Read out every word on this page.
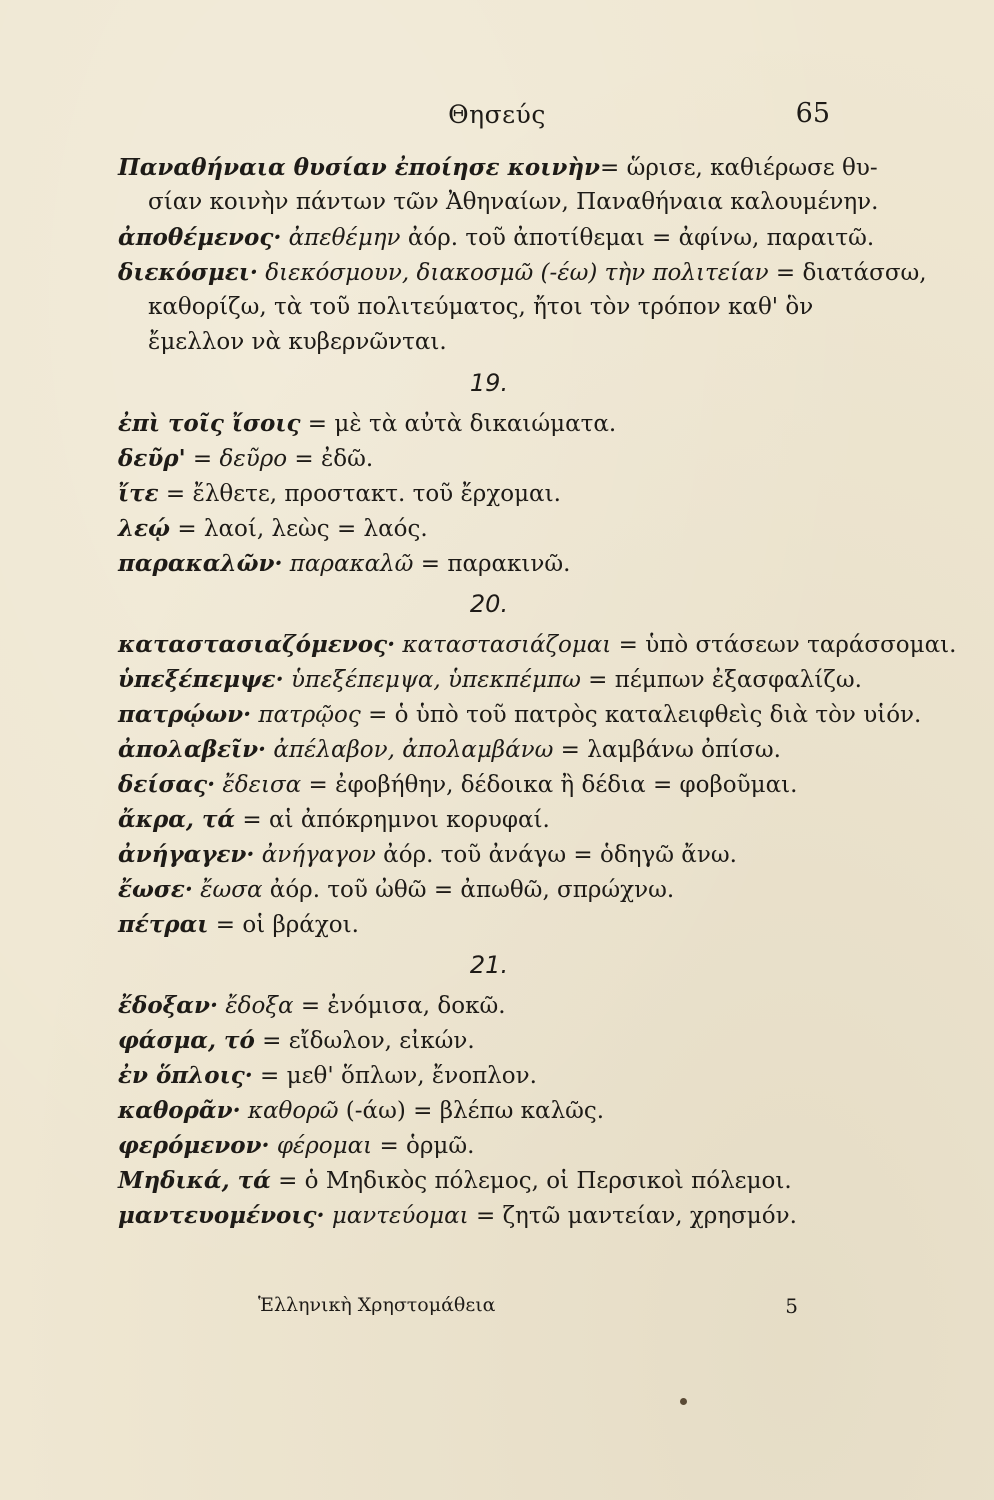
Θησεύς	65
Παναθήναια θυσίαν ἐποίησε κοινὴν= ὥρισε, καθιέρωσε θυ-
σίαν κοινὴν πάντων τῶν Ἀθηναίων, Παναθήναια καλουμένην.
ἀποθέμενος· ἀπεθέμην ἀόρ. τοῦ ἀποτίθεμαι = ἀφίνω, παραιτῶ.
διεκόσμει· διεκόσμουν, διακοσμῶ (-έω) τὴν πολιτείαν = διατάσσω,
καθορίζω, τὰ τοῦ πολιτεύματος, ἤτοι τὸν τρόπον καθ' ὃν
ἔμελλον νὰ κυβερνῶνται.
19.
ἐπὶ τοῖς ἴσοις = μὲ τὰ αὐτὰ δικαιώματα.
δεῦρ' = δεῦρο = ἐδῶ.
ἴτε = ἔλθετε, προστακτ. τοῦ ἔρχομαι.
λεῴ = λαοί, λεὼς = λαός.
παρακαλῶν· παρακαλῶ = παρακινῶ.
20.
καταστασιαζόμενος· καταστασιάζομαι = ὑπὸ στάσεων ταράσσομαι.
ὑπεξέπεμψε· ὑπεξέπεμψα, ὑπεκπέμπω = πέμπων ἐξασφαλίζω.
πατρῴων· πατρῷος = ὁ ὑπὸ τοῦ πατρὸς καταλειφθεὶς διὰ τὸν υἱόν.
ἀπολαβεῖν· ἀπέλαβον, ἀπολαμβάνω = λαμβάνω ὀπίσω.
δείσας· ἔδεισα = ἐφοβήθην, δέδοικα ἢ δέδια = φοβοῦμαι.
ἄκρα, τά = αἱ ἀπόκρημνοι κορυφαί.
ἀνήγαγεν· ἀνήγαγον ἀόρ. τοῦ ἀνάγω = ὁδηγῶ ἄνω.
ἔωσε· ἔωσα ἀόρ. τοῦ ὠθῶ = ἀπωθῶ, σπρώχνω.
πέτραι = οἱ βράχοι.
21.
ἔδοξαν· ἔδοξα = ἐνόμισα, δοκῶ.
φάσμα, τό = εἴδωλον, εἰκών.
ἐν ὅπλοις· = μεθ' ὅπλων, ἔνοπλον.
καθορᾶν· καθορῶ (-άω) = βλέπω καλῶς.
φερόμενον· φέρομαι = ὁρμῶ.
Μηδικά, τά = ὁ Μηδικὸς πόλεμος, οἱ Περσικοὶ πόλεμοι.
μαντευομένοις· μαντεύομαι = ζητῶ μαντείαν, χρησμόν.
Ἑλληνικὴ Χρηστομάθεια	5
